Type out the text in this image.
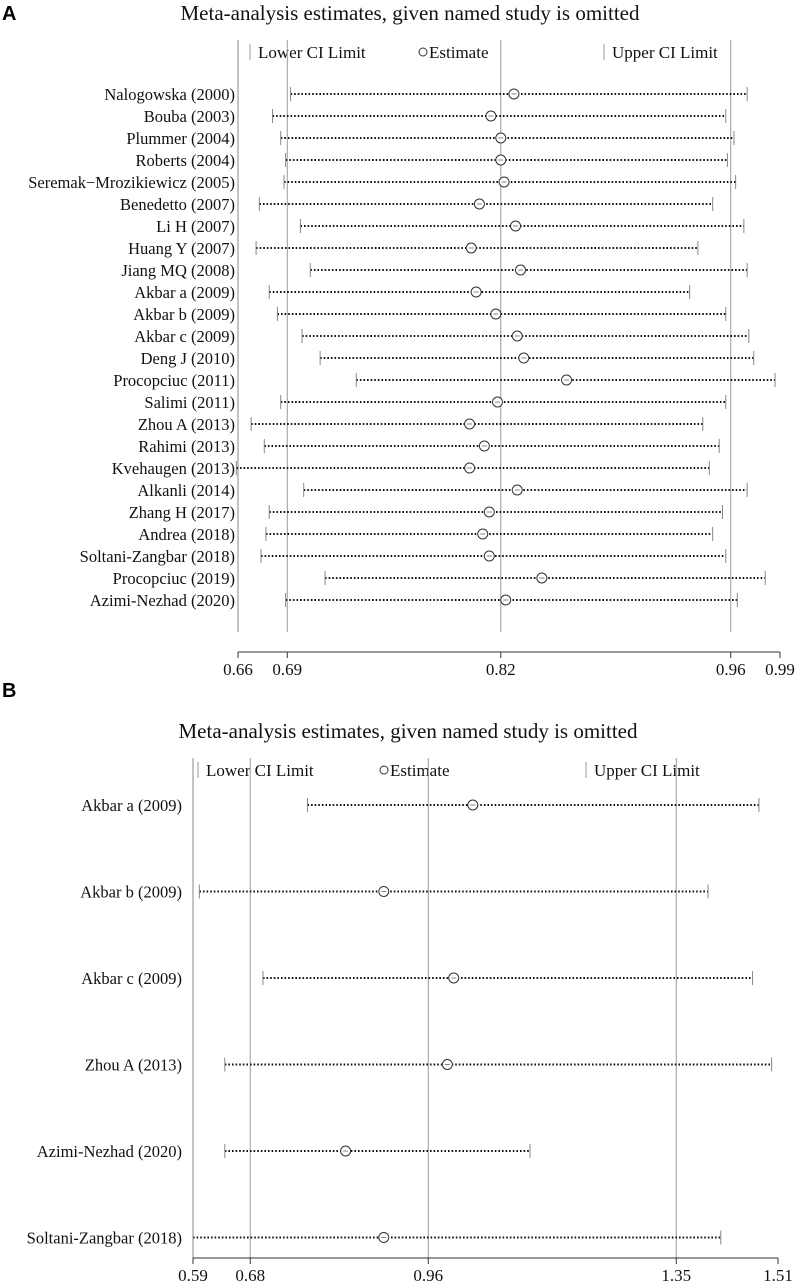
A	Meta-analysis estimates, given named study is omitted
Lower CI Limit	Estimate	Upper CI Limit
0.66 0.69	0.82	0.96 0.99
Nalogowska (2000)
Bouba (2003)
Plummer (2004)
Roberts (2004)
Seremak−Mrozikiewicz (2005)
Benedetto (2007)
Li H (2007)
Huang Y (2007)
Jiang MQ (2008)
Akbar a (2009)
Akbar b (2009)
Akbar c (2009)
Deng J (2010)
Procopciuc (2011)
Salimi (2011)
Zhou A (2013)
Rahimi (2013)
Kvehaugen (2013)
Alkanli (2014)
Zhang H (2017)
Andrea (2018)
Soltani-Zangbar (2018)
Procopciuc (2019)
Azimi-Nezhad (2020)
B
Meta-analysis estimates, given named study is omitted
Lower CI Limit	Estimate	Upper CI Limit
0.59 0.68	0.96	1.35	1.51
Akbar a (2009)
Akbar b (2009)
Akbar c (2009)
Zhou A (2013)
Azimi-Nezhad (2020)
Soltani-Zangbar (2018)
